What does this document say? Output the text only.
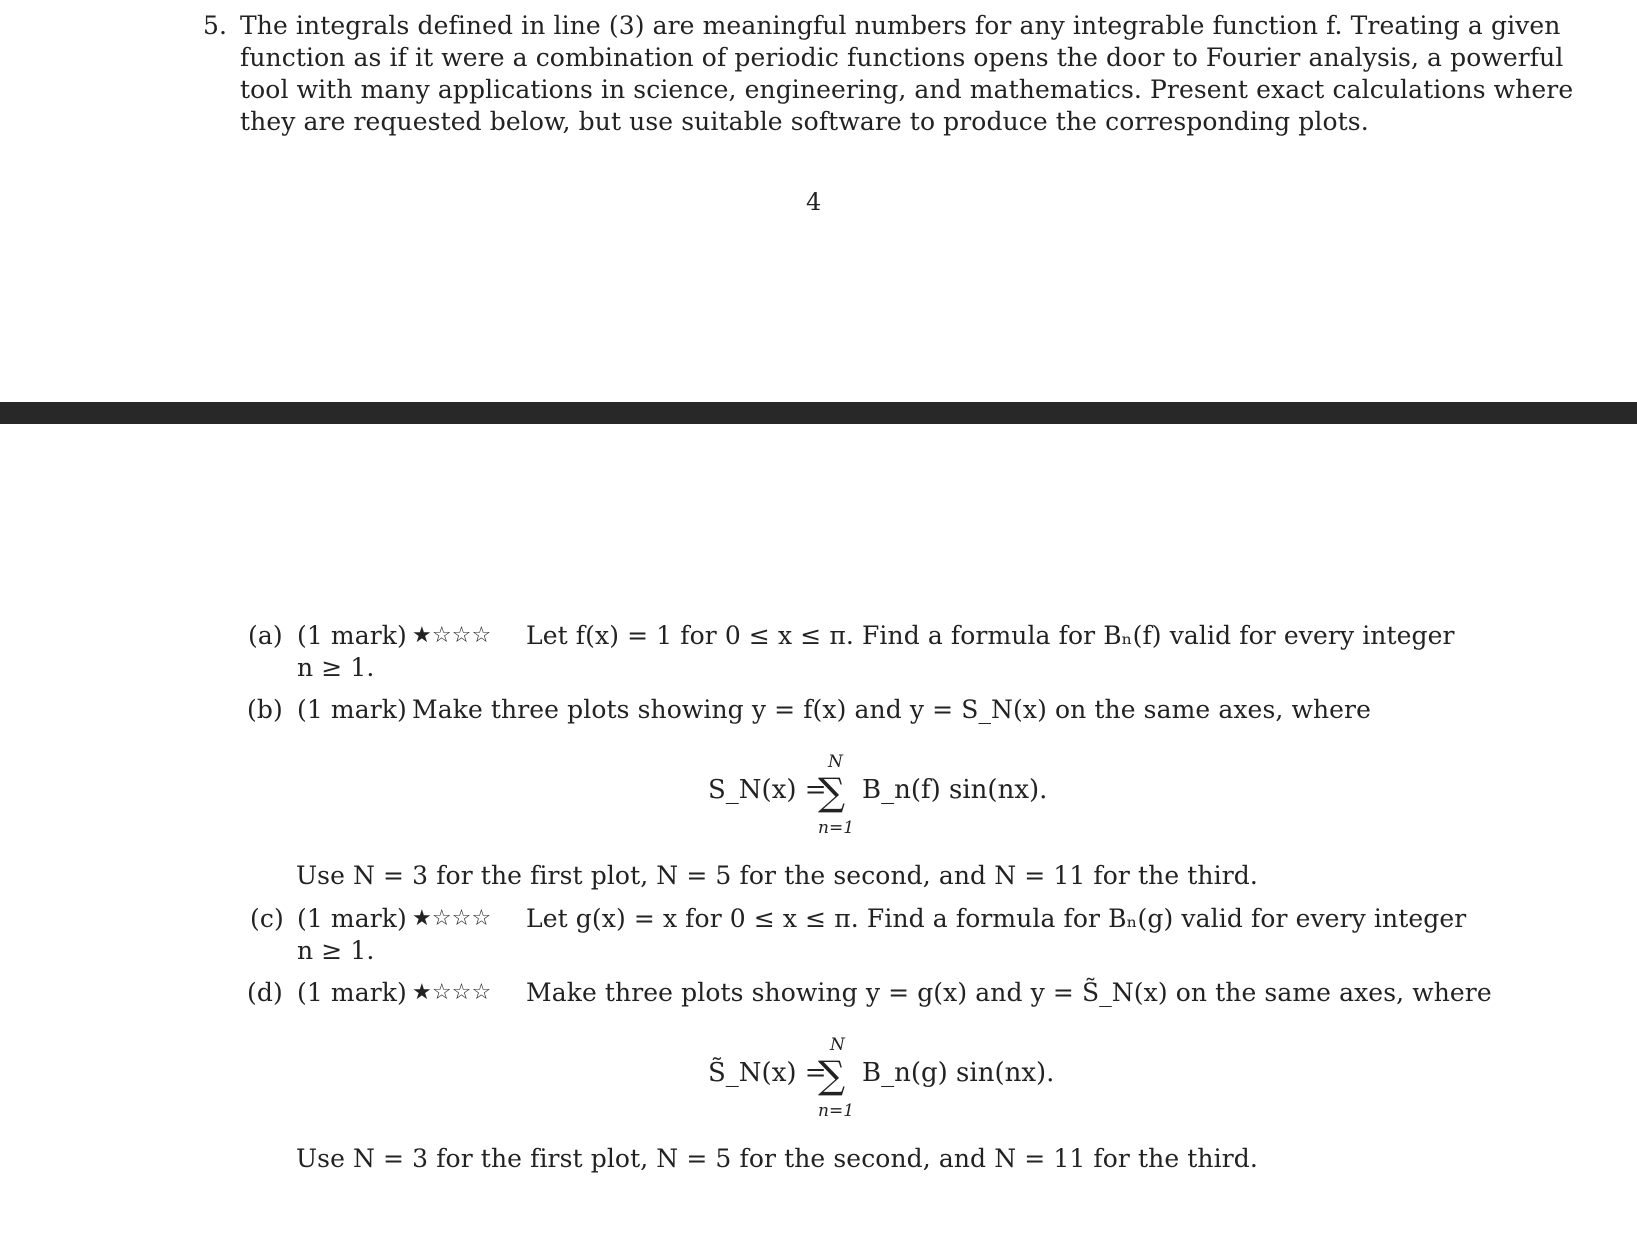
5. The integrals defined in line (3) are meaningful numbers for any integrable function f. Treating a given
function as if it were a combination of periodic functions opens the door to Fourier analysis, a powerful
tool with many applications in science, engineering, and mathematics. Present exact calculations where
they are requested below, but use suitable software to produce the corresponding plots.
4
(a) (1 mark) ★☆☆☆ Let f(x) = 1 for 0 ≤ x ≤ π. Find a formula for Bₙ(f) valid for every integer
n ≥ 1.
(b) (1 mark) Make three plots showing y = f(x) and y = S_N(x) on the same axes, where
S_N(x) =
N
∑
n=1
B_n(f) sin(nx).
Use N = 3 for the first plot, N = 5 for the second, and N = 11 for the third.
(c) (1 mark) ★☆☆☆ Let g(x) = x for 0 ≤ x ≤ π. Find a formula for Bₙ(g) valid for every integer
n ≥ 1.
(d) (1 mark) ★☆☆☆ Make three plots showing y = g(x) and y = S̃_N(x) on the same axes, where
S̃_N(x) =
N
∑
n=1
B_n(g) sin(nx).
Use N = 3 for the first plot, N = 5 for the second, and N = 11 for the third.
